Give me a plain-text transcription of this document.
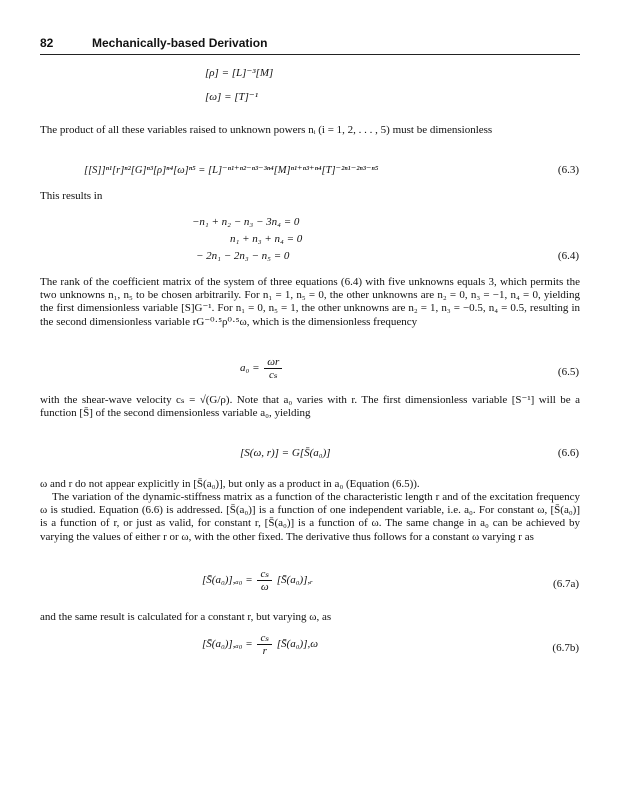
82	Mechanically-based Derivation
[ρ] = [L]⁻³[M]
[ω] = [T]⁻¹
The product of all these variables raised to unknown powers nᵢ (i = 1, 2, . . . , 5) must be dimensionless
[[S]]ⁿ¹[r]ⁿ²[G]ⁿ³[ρ]ⁿ⁴[ω]ⁿ⁵ = [L]⁻ⁿ¹⁺ⁿ²⁻ⁿ³⁻³ⁿ⁴[M]ⁿ¹⁺ⁿ³⁺ⁿ⁴[T]⁻²ⁿ¹⁻²ⁿ³⁻ⁿ⁵	(6.3)
This results in
−n₁ + n₂ − n₃ − 3n₄ = 0
n₁ + n₃ + n₄ = 0
− 2n₁ − 2n₃ − n₅ = 0	(6.4)
The rank of the coefficient matrix of the system of three equations (6.4) with five unknowns equals 3, which permits the two unknowns n₁, n₅ to be chosen arbitrarily. For n₁ = 1, n₅ = 0, the other unknowns are n₂ = 0, n₃ = −1, n₄ = 0, yielding the first dimensionless variable [S]G⁻¹. For n₁ = 0, n₅ = 1, the other unknowns are n₂ = 1, n₃ = −0.5, n₄ = 0.5, resulting in the second dimensionless variable rG⁻⁰·⁵ρ⁰·⁵ω, which is the dimensionless frequency
$a_0 = \frac{\omega r}{\text{cₛ}}$	(6.5)
with the shear-wave velocity cₛ = √(G/ρ). Note that a₀ varies with r. The first dimensionless variable [S⁻¹] will be a function [S̄] of the second dimensionless variable a₀, yielding
[S(ω, r)] = G[S̄(a₀)]	(6.6)
ω and r do not appear explicitly in [S̄(a₀)], but only as a product in a₀ (Equation (6.5)).
The variation of the dynamic-stiffness matrix as a function of the characteristic length r and of the excitation frequency ω is studied. Equation (6.6) is addressed. [S̄(a₀)] is a function of one independent variable, i.e. a₀. For constant ω, [S̄(a₀)] is a function of r, or just as valid, for constant r, [S̄(a₀)] is a function of ω. The same change in a₀ can be achieved by varying the values of either r or ω, with the other fixed. The derivative thus follows for a constant ω varying r as
[S̄(a₀)],ₐ₀ = $\frac{\text{cₛ}}{\omega}$ [S̄(a₀)],ᵣ	(6.7a)
and the same result is calculated for a constant r, but varying ω, as
[S̄(a₀)],ₐ₀ = $\frac{\text{cₛ}}{r}$ [S̄(a₀)],ω	(6.7b)
